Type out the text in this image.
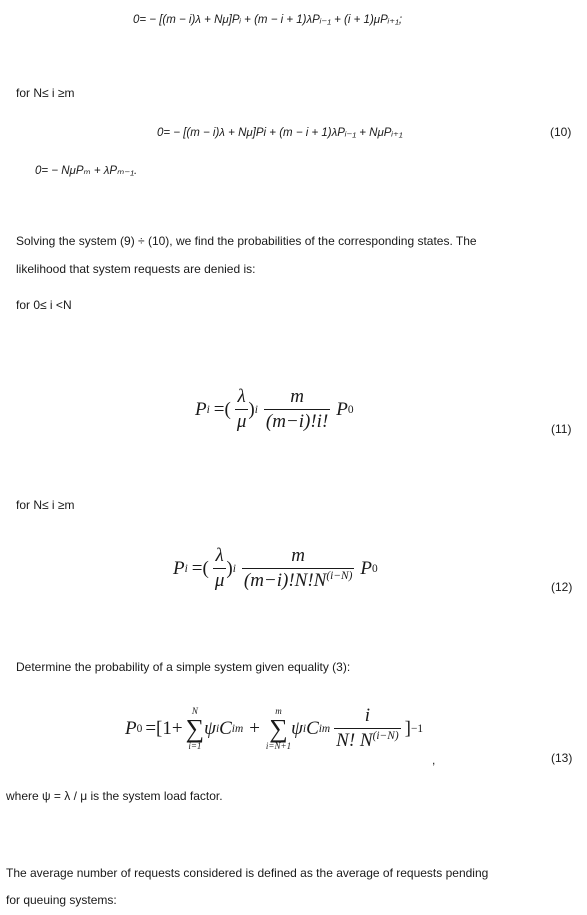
0= − [(m − i)λ + Nμ]Pᵢ + (m − i + 1)λPᵢ₋₁ + (i + 1)μPᵢ₊₁;
for N≤ i ≥m
0= − [(m − i)λ + Nμ]Pi + (m − i + 1)λPᵢ₋₁ + NμPᵢ₊₁	(10)
0= − NμPₘ + λPₘ₋₁.
Solving the system (9) ÷ (10), we find the probabilities of the corresponding states. The
likelihood that system requests are denied is:
for 0≤ i <N
P i =( $\frac{\lambda}{\mu}$ ) i $\frac{m}{(m-i)!i!}$ P 0
(11)
for N≤ i ≥m
P i =( $\frac{\lambda}{\mu}$ ) i $\frac{m}{(m-i)!N!N^{(i-N)}}$ P 0
(12)
Determine the probability of a simple system given equality (3):
P 0 =[1+
N
∑
i=1
ψ i C i m +
m
∑
i=N+1
ψ i C i m $\frac{i}{N! N^{(i-N)}}$ ] −1
,	(13)
where ψ = λ / μ is the system load factor.
The average number of requests considered is defined as the average of requests pending
for queuing systems:
